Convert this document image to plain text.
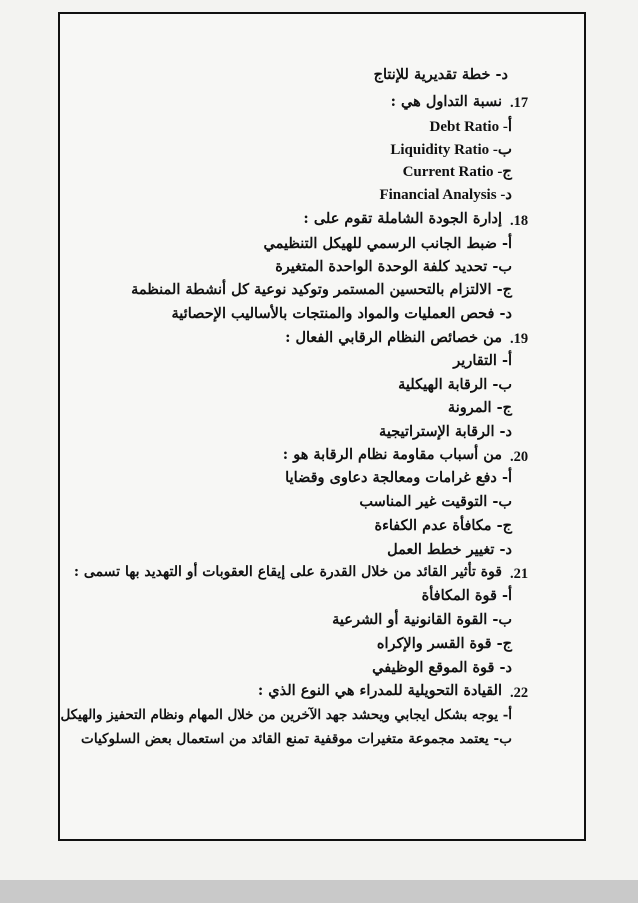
د- خطة تقديرية للإنتاج
.17
نسبة التداول هي :
أ- Debt Ratio
ب- Liquidity Ratio
ج- Current Ratio
د- Financial Analysis
.18
إدارة الجودة الشاملة تقوم على :
أ- ضبط الجانب الرسمي للهيكل التنظيمي
ب- تحديد كلفة الوحدة الواحدة المتغيرة
ج- الالتزام بالتحسين المستمر وتوكيد نوعية كل أنشطة المنظمة
د- فحص العمليات والمواد والمنتجات بالأساليب الإحصائية
.19
من خصائص النظام الرقابي الفعال :
أ- التقارير
ب- الرقابة الهيكلية
ج- المرونة
د- الرقابة الإستراتيجية
.20
من أسباب مقاومة نظام الرقابة هو :
أ- دفع غرامات ومعالجة دعاوى وقضايا
ب- التوقيت غير المناسب
ج- مكافأة عدم الكفاءة
د- تغيير خطط العمل
.21
قوة تأثير القائد من خلال القدرة على إيقاع العقوبات أو التهديد بها تسمى :
أ- قوة المكافأة
ب- القوة القانونية أو الشرعية
ج- قوة القسر والإكراه
د- قوة الموقع الوظيفي
.22
القيادة التحويلية للمدراء هي النوع الذي :
أ- يوجه بشكل ايجابي ويحشد جهد الآخرين من خلال المهام ونظام التحفيز والهيكل
ب- يعتمد مجموعة متغيرات موقفية تمنع القائد من استعمال بعض السلوكيات
